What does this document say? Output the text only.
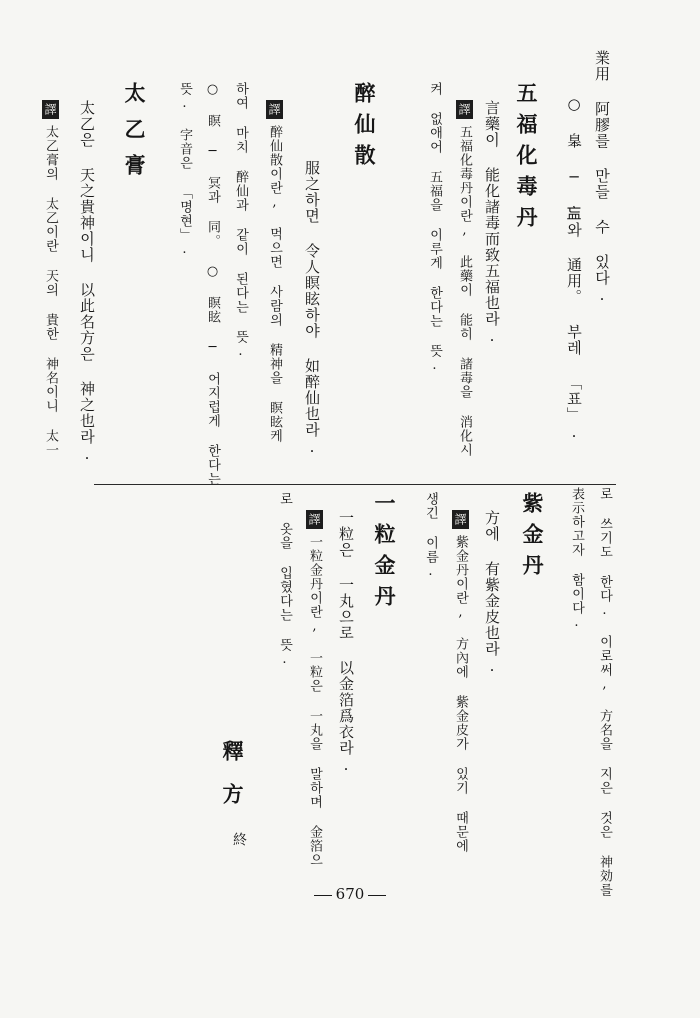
業用 阿膠를 만들 수 있다.
○ 𦤎 ─ 𥁃와 通用。 부레 「표」.
五福化毒丹
言藥이 能化諸毒而致五福也라.
譯五福化毒丹이란, 此藥이 能히 諸毒을 消化시
켜 없애어 五福을 이루게 한다는 뜻.
醉仙散
服之하면 令人瞑眩하야 如醉仙也라.
譯醉仙散이란, 먹으면 사람의 精神을 瞑眩케
하여 마치 醉仙과 같이 된다는 뜻.
○ 瞑 ─ 冥과 同。 ○ 瞑眩 ─ 어지럽게 한다는
뜻. 字音은 「명현」.
太乙膏
太乙은 天之貴神이니 以此名方은 神之也라.
譯太乙膏의 太乙이란 天의 貴한 神名이니 太一
로 쓰기도 한다. 이로써, 方名을 지은 것은 神効를
表示하고자 함이다.
紫金丹
方에 有紫金皮也라.
譯紫金丹이란, 方內에 紫金皮가 있기 때문에
생긴 이름.
一粒金丹
一粒은 一丸으로 以金箔爲衣라.
譯一粒金丹이란, 一粒은 一丸을 말하며 金箔으
로 옷을 입혔다는 뜻.
釋方
終
670
